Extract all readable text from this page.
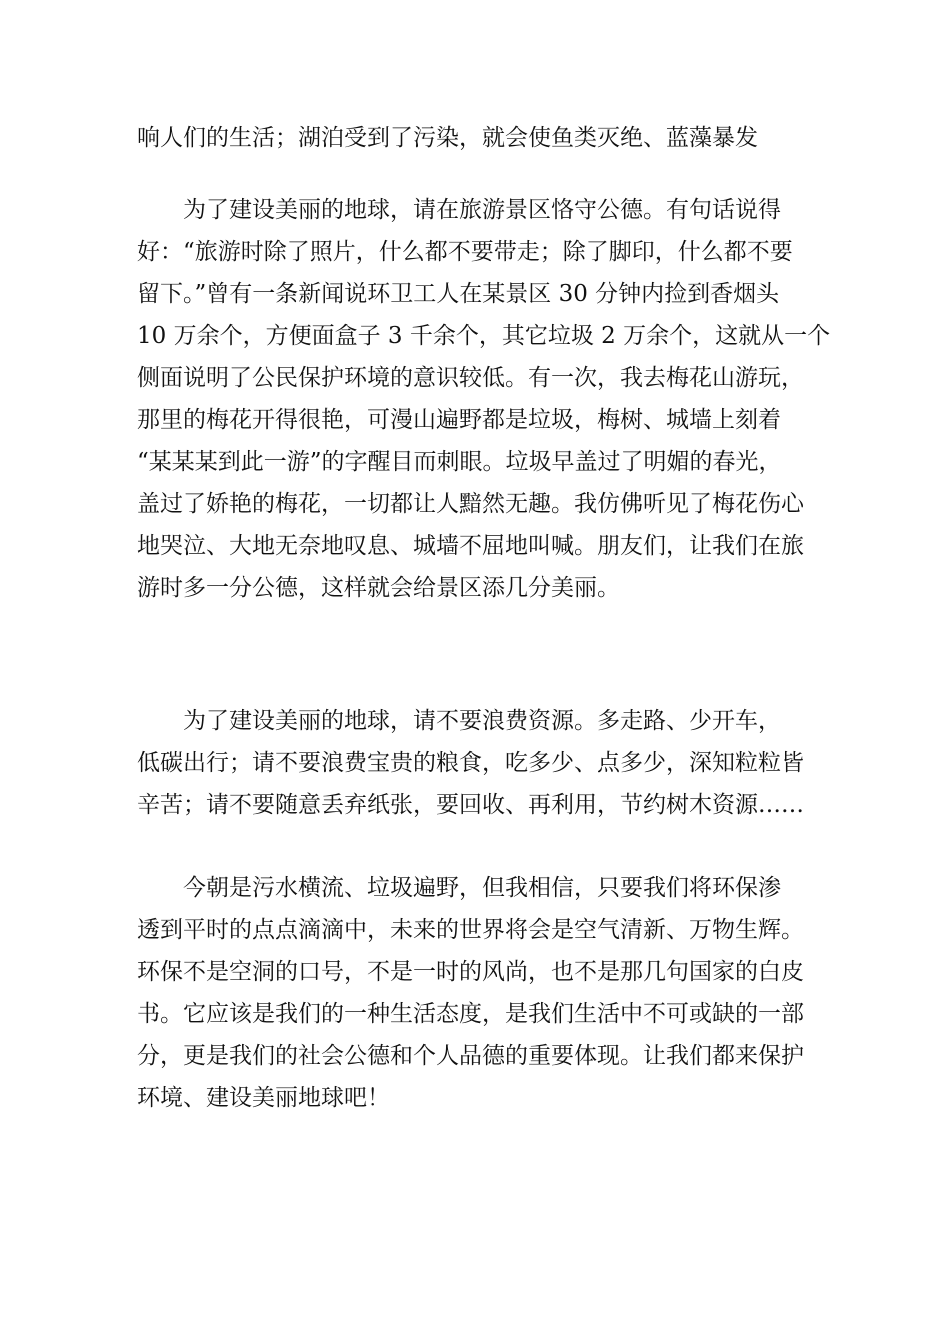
响人们的生活；湖泊受到了污染，就会使鱼类灭绝、蓝藻暴发
为了建设美丽的地球，请在旅游景区恪守公德。有句话说得
好：“旅游时除了照片，什么都不要带走；除了脚印，什么都不要
留下。”曾有一条新闻说环卫工人在某景区 30 分钟内捡到香烟头
10 万余个，方便面盒子 3 千余个，其它垃圾 2 万余个，这就从一个
侧面说明了公民保护环境的意识较低。有一次，我去梅花山游玩，
那里的梅花开得很艳，可漫山遍野都是垃圾，梅树、城墙上刻着
“某某某到此一游”的字醒目而刺眼。垃圾早盖过了明媚的春光，
盖过了娇艳的梅花，一切都让人黯然无趣。我仿佛听见了梅花伤心
地哭泣、大地无奈地叹息、城墙不屈地叫喊。朋友们，让我们在旅
游时多一分公德，这样就会给景区添几分美丽。
为了建设美丽的地球，请不要浪费资源。多走路、少开车，
低碳出行；请不要浪费宝贵的粮食，吃多少、点多少，深知粒粒皆
辛苦；请不要随意丢弃纸张，要回收、再利用，节约树木资源……
今朝是污水横流、垃圾遍野，但我相信，只要我们将环保渗
透到平时的点点滴滴中，未来的世界将会是空气清新、万物生辉。
环保不是空洞的口号，不是一时的风尚，也不是那几句国家的白皮
书。它应该是我们的一种生活态度，是我们生活中不可或缺的一部
分，更是我们的社会公德和个人品德的重要体现。让我们都来保护
环境、建设美丽地球吧！
